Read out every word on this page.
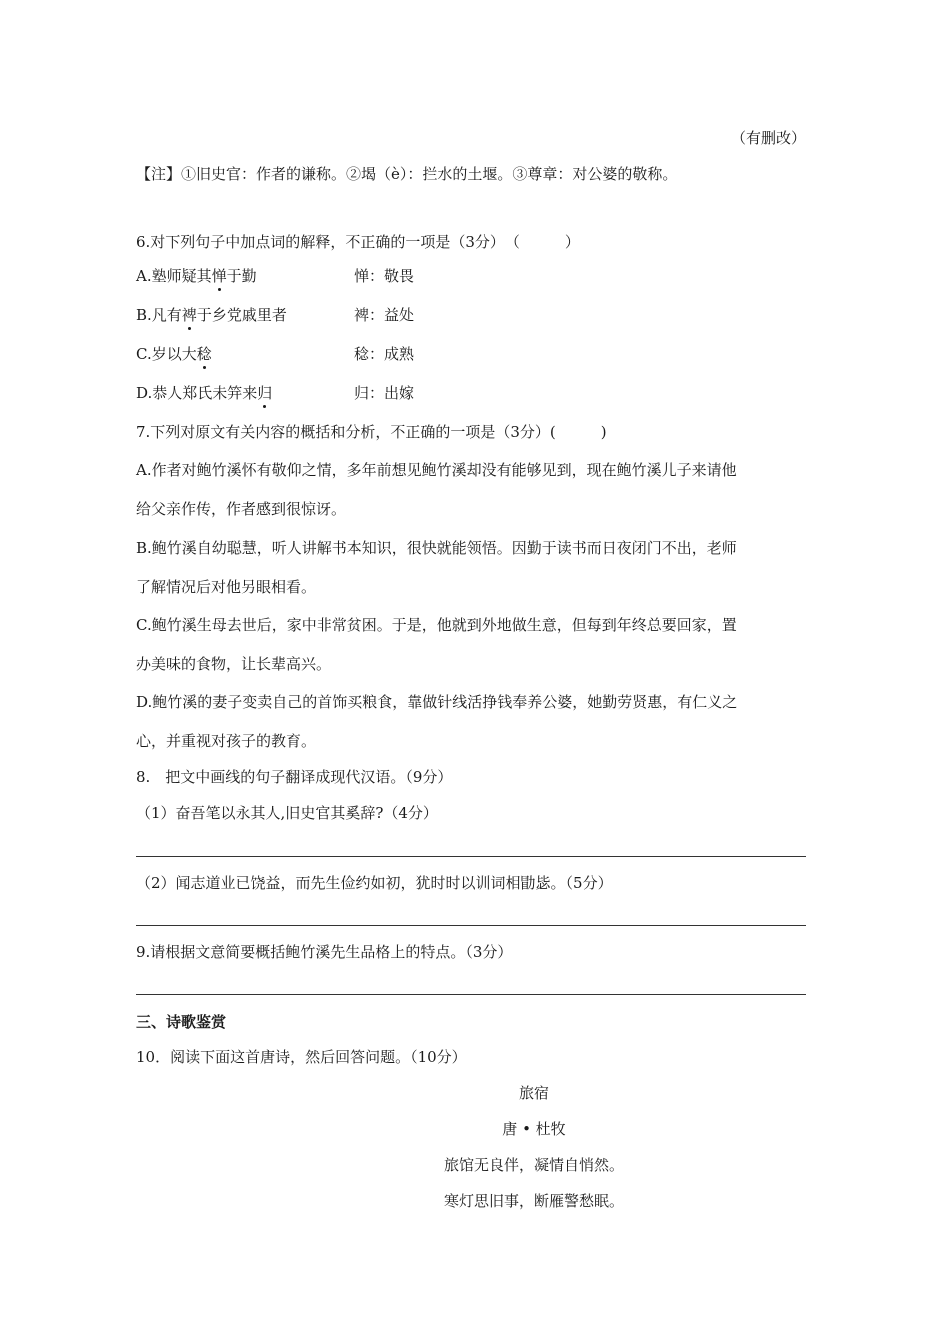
（有删改）
【注】①旧史官：作者的谦称。②堨（è）：拦水的土堰。③尊章：对公婆的敬称。
6.对下列句子中加点词的解释，不正确的一项是（3分）　（　　　）
A.塾师疑其惮于勤	惮：敬畏
B.凡有裨于乡党戚里者	裨：益处
C.岁以大稔	稔：成熟
D.恭人郑氏未笄来归	归：出嫁
7.下列对原文有关内容的概括和分析，不正确的一项是（3分）(　　　)
A.作者对鲍竹溪怀有敬仰之情，多年前想见鲍竹溪却没有能够见到，现在鲍竹溪儿子来请他
给父亲作传，作者感到很惊讶。
B.鲍竹溪自幼聪慧，听人讲解书本知识，很快就能领悟。因勤于读书而日夜闭门不出，老师
了解情况后对他另眼相看。
C.鲍竹溪生母去世后，家中非常贫困。于是，他就到外地做生意，但每到年终总要回家，置
办美味的食物，让长辈高兴。
D.鲍竹溪的妻子变卖自己的首饰买粮食，靠做针线活挣钱奉养公婆，她勤劳贤惠，有仁义之
心，并重视对孩子的教育。
8.　把文中画线的句子翻译成现代汉语。（9分）
（1）奋吾笔以永其人,旧史官其奚辞?（4分）
（2）闻志道业已饶益，而先生俭约如初，犹时时以训词相勖毖。（5分）
9.请根据文意简要概括鲍竹溪先生品格上的特点。（3分）
三、诗歌鉴赏
10．阅读下面这首唐诗，然后回答问题。（10分）
旅宿
唐 • 杜牧
旅馆无良伴，凝情自悄然。
寒灯思旧事，断雁警愁眠。
